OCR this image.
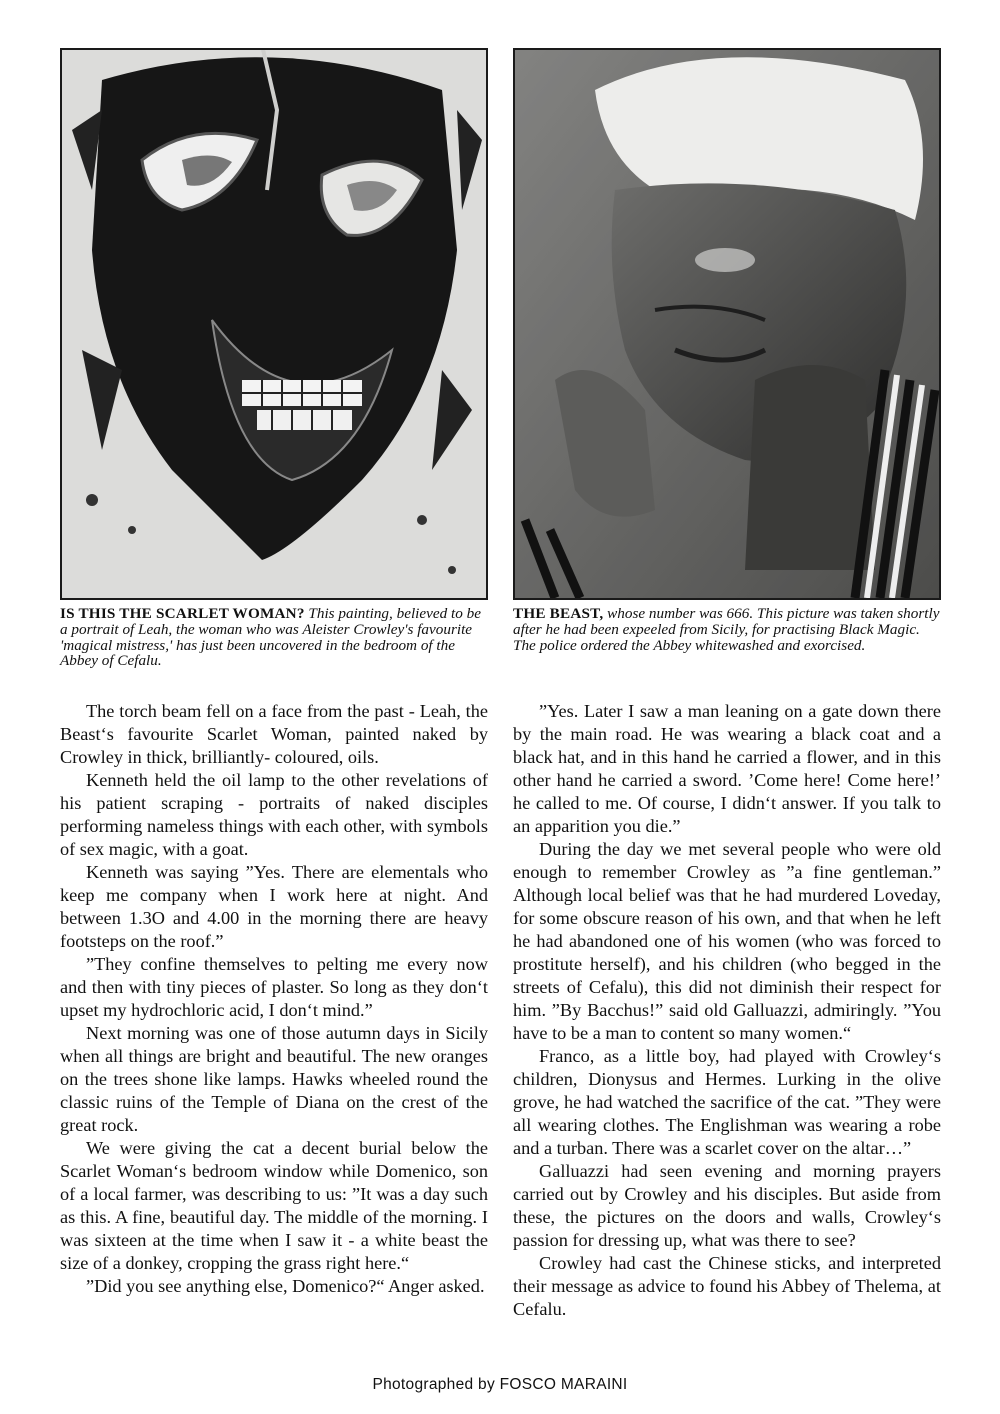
IS THIS THE SCARLET WOMAN? This painting, believed to be a portrait of Leah, the woman who was Aleister Crowley's favourite 'magical mistress,' has just been uncovered in the bedroom of the Abbey of Cefalu.
THE BEAST, whose number was 666. This picture was taken shortly after he had been expeeled from Sicily, for practising Black Magic. The police ordered the Abbey whitewashed and exorcised.

The torch beam fell on a face from the past - Leah, the Beast‘s favourite Scarlet Woman, painted naked by Crowley in thick, brilliantly- coloured, oils.

Kenneth held the oil lamp to the other revelations of his patient scraping - portraits of naked disciples performing nameless things with each other, with symbols of sex magic, with a goat.

Kenneth was saying ”Yes. There are elementals who keep me company when I work here at night. And between 1.3O and 4.00 in the morning there are heavy footsteps on the roof.”

”They confine themselves to pelting me every now and then with tiny pieces of plaster. So long as they don‘t upset my hydrochloric acid, I don‘t mind.”

Next morning was one of those autumn days in Sicily when all things are bright and beautiful. The new oranges on the trees shone like lamps. Hawks wheeled round the classic ruins of the Temple of Diana on the crest of the great rock.

We were giving the cat a decent burial below the Scarlet Woman‘s bedroom window while Domenico, son of a local farmer, was describing to us: ”It was a day such as this. A fine, beautiful day. The middle of the morning. I was sixteen at the time when I saw it - a white beast the size of a donkey, cropping the grass right here.“

”Did you see anything else, Domenico?“ Anger asked.

”Yes. Later I saw a man leaning on a gate down there by the main road. He was wearing a black coat and a black hat, and in this hand he carried a flower, and in this other hand he carried a sword. ’Come here! Come here!’ he called to me. Of course, I didn‘t answer. If you talk to an apparition you die.”

During the day we met several people who were old enough to remember Crowley as ”a fine gentleman.” Although local belief was that he had murdered Loveday, for some obscure reason of his own, and that when he left he had abandoned one of his women (who was forced to prostitute herself), and his children (who begged in the streets of Cefalu), this did not diminish their respect for him. ”By Bacchus!” said old Galluazzi, admiringly. ”You have to be a man to content so many women.“

Franco, as a little boy, had played with Crowley‘s children, Dionysus and Hermes. Lurking in the olive grove, he had watched the sacrifice of the cat. ”They were all wearing clothes. The Englishman was wearing a robe and a turban. There was a scarlet cover on the altar…”

Galluazzi had seen evening and morning prayers carried out by Crowley and his disciples. But aside from these, the pictures on the doors and walls, Crowley‘s passion for dressing up, what was there to see?

Crowley had cast the Chinese sticks, and interpreted their message as advice to found his Abbey of Thelema, at Cefalu.

Photographed by FOSCO MARAINI
